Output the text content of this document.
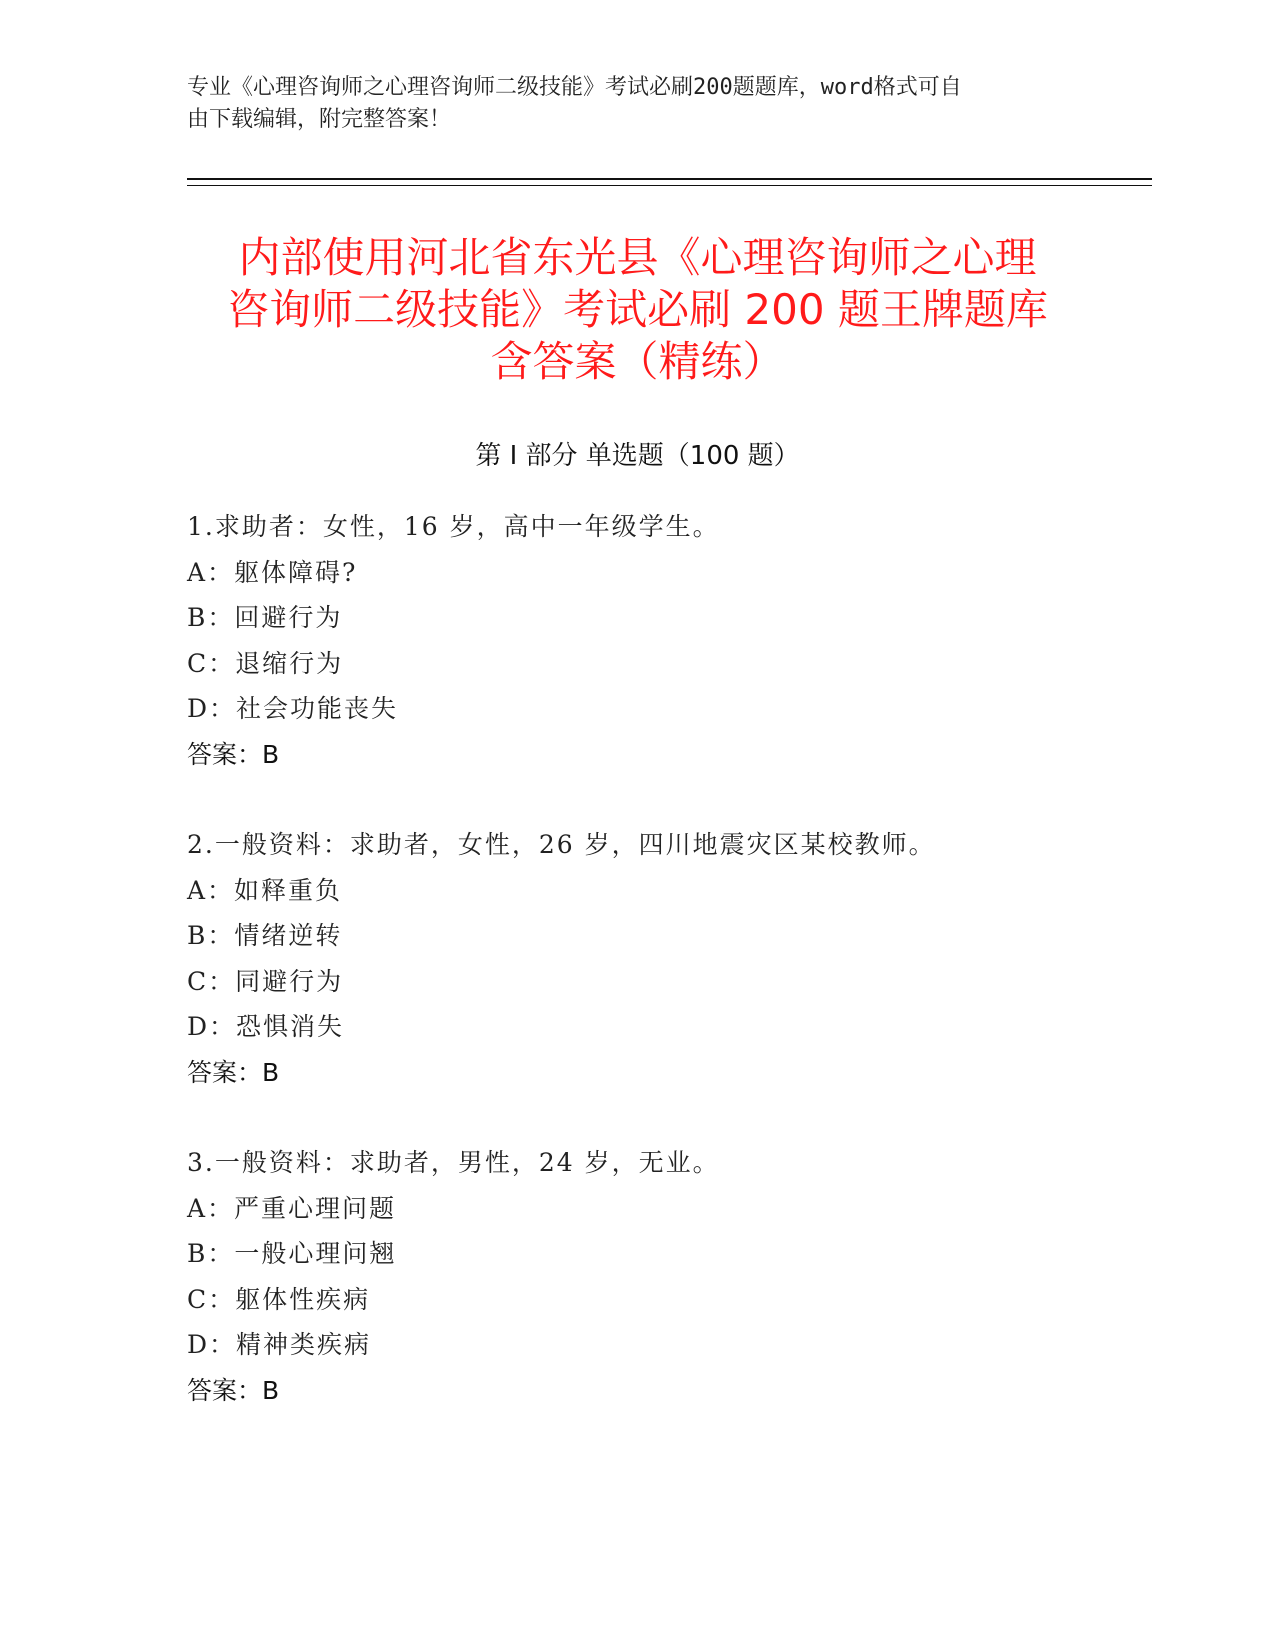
专业《心理咨询师之心理咨询师二级技能》考试必刷200题题库，word格式可自
由下载编辑，附完整答案！
内部使用河北省东光县《心理咨询师之心理
咨询师二级技能》考试必刷 200 题王牌题库
含答案（精练）
第 I 部分 单选题（100 题）
1.求助者：女性，16 岁，高中一年级学生。
A：躯体障碍?
B：回避行为
C：退缩行为
D：社会功能丧失
答案：B
2.一般资料：求助者，女性，26 岁，四川地震灾区某校教师。
A：如释重负
B：情绪逆转
C：同避行为
D：恐惧消失
答案：B
3.一般资料：求助者，男性，24 岁，无业。
A：严重心理问题
B：一般心理问翘
C：躯体性疾病
D：精神类疾病
答案：B
